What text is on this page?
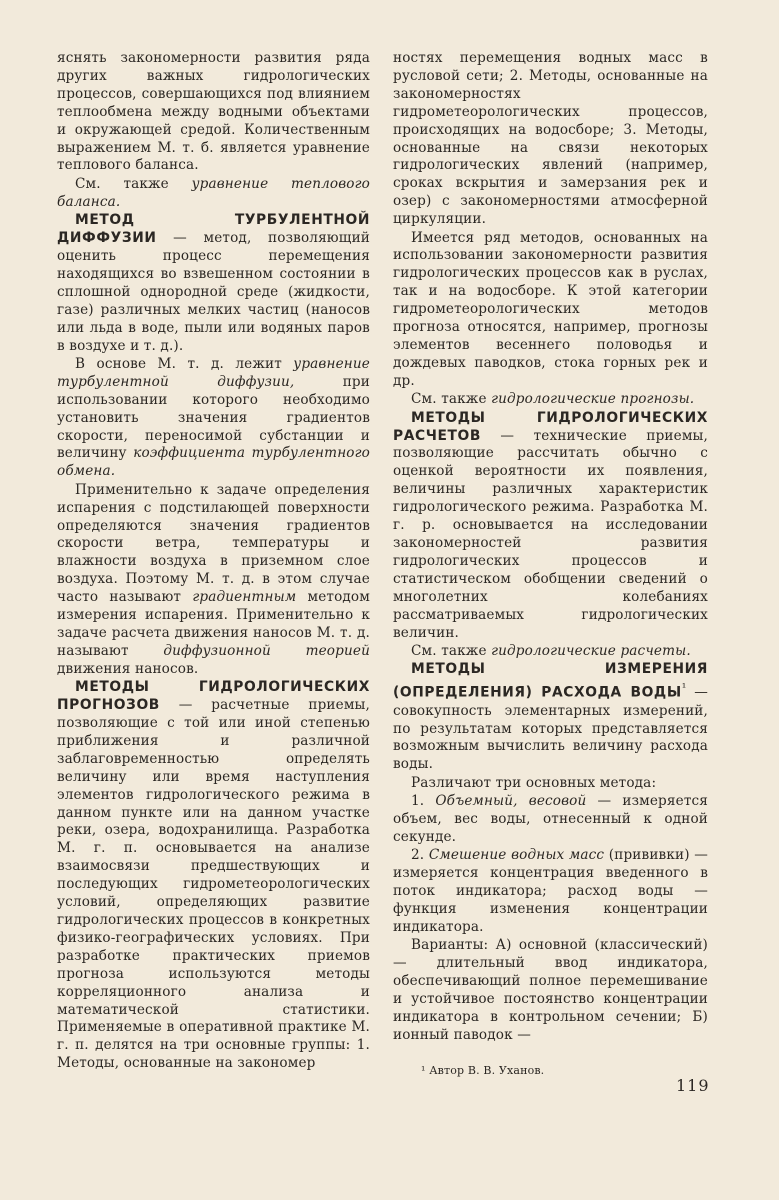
яснять закономерности развития ряда других важных гидрологических процессов, совершающихся под влиянием теплообмена между водными объектами и окружающей средой. Количественным выражением М. т. б. является уравнение теплового баланса.

См. также уравнение теплового баланса.

МЕТОД ТУРБУЛЕНТНОЙ ДИФФУЗИИ — метод, позволяющий оценить процесс перемещения находящихся во взвешенном состоянии в сплошной однородной среде (жидкости, газе) различных мелких частиц (наносов или льда в воде, пыли или водяных паров в воздухе и т. д.).

В основе М. т. д. лежит уравнение турбулентной диффузии, при использовании которого необходимо установить значения градиентов скорости, переносимой субстанции и величину коэффициента турбулентного обмена.

Применительно к задаче определения испарения с подстилающей поверхности определяются значения градиентов скорости ветра, температуры и влажности воздуха в приземном слое воздуха. Поэтому М. т. д. в этом случае часто называют градиентным методом измерения испарения. Применительно к задаче расчета движения наносов М. т. д. называют диффузионной теорией движения наносов.

МЕТОДЫ ГИДРОЛОГИЧЕСКИХ ПРОГНОЗОВ — расчетные приемы, позволяющие с той или иной степенью приближения и различной заблаговременностью определять величину или время наступления элементов гидрологического режима в данном пункте или на данном участке реки, озера, водохранилища. Разработка М. г. п. основывается на анализе взаимосвязи предшествующих и последующих гидрометеорологических условий, определяющих развитие гидрологических процессов в конкретных физико-географических условиях. При разработке практических приемов прогноза используются методы корреляционного анализа и математической статистики. Применяемые в оперативной практике М. г. п. делятся на три основные группы: 1. Методы, основанные на закономер

ностях перемещения водных масс в русловой сети; 2. Методы, основанные на закономерностях гидрометеорологических процессов, происходящих на водосборе; 3. Методы, основанные на связи некоторых гидрологических явлений (например, сроках вскрытия и замерзания рек и озер) с закономерностями атмосферной циркуляции.

Имеется ряд методов, основанных на использовании закономерности развития гидрологических процессов как в руслах, так и на водосборе. К этой категории гидрометеорологических методов прогноза относятся, например, прогнозы элементов весеннего половодья и дождевых паводков, стока горных рек и др.

См. также гидрологические прогнозы.

МЕТОДЫ ГИДРОЛОГИЧЕСКИХ РАСЧЕТОВ — технические приемы, позволяющие рассчитать обычно с оценкой вероятности их появления, величины различных характеристик гидрологического режима. Разработка М. г. р. основывается на исследовании закономерностей развития гидрологических процессов и статистическом обобщении сведений о многолетних колебаниях рассматриваемых гидрологических величин.

См. также гидрологические расчеты.

МЕТОДЫ ИЗМЕРЕНИЯ (ОПРЕДЕЛЕНИЯ) РАСХОДА $ВОДЫ^{^1}$ — совокупность элементарных измерений, по результатам которых представляется возможным вычислить величину расхода воды.

Различают три основных метода:

1. Объемный, весовой — измеряется объем, вес воды, отнесенный к одной секунде.

2. Смешение водных масс (прививки) — измеряется концентрация введенного в поток индикатора; расход воды — функция изменения концентрации индикатора.

Варианты: А) основной (классический) — длительный ввод индикатора, обеспечивающий полное перемешивание и устойчивое постоянство концентрации индикатора в контрольном сечении; Б) ионный паводок —

¹ Автор В. В. Уханов.

119
